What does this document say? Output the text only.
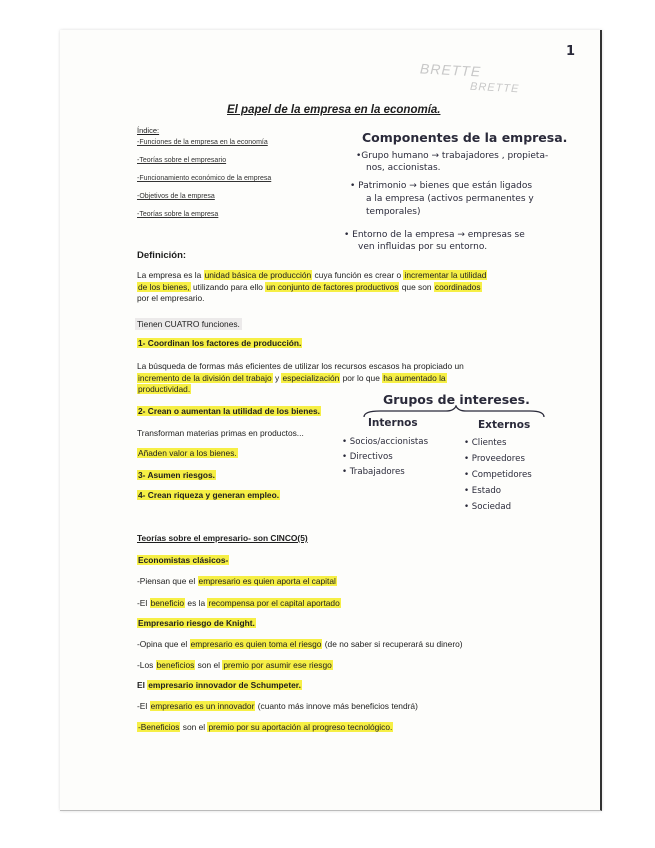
1
BRETTE
BRETTE
El papel de la empresa en la economía.
Índice:
-Funciones de la empresa en la economía
-Teorías sobre el empresario
-Funcionamiento económico de la empresa
-Objetivos de la empresa
-Teorías sobre la empresa
Componentes de la empresa.
•Grupo humano → trabajadores , propieta-
nos, accionistas.
• Patrimonio → bienes que están ligados
a la empresa (activos permanentes y
temporales)
• Entorno de la empresa → empresas se
ven influidas por su entorno.
Definición:
La empresa es la unidad básica de producción cuya función es crear o incrementar la utilidad
de los bienes, utilizando para ello un conjunto de factores productivos que son coordinados
por el empresario.
Tienen CUATRO funciones.
1- Coordinan los factores de producción.
La búsqueda de formas más eficientes de utilizar los recursos escasos ha propiciado un
incremento de la división del trabajo y especialización por lo que ha aumentado la
productividad.
2- Crean o aumentan la utilidad de los bienes.
Transforman materias primas en productos...
Añaden valor a los bienes.
3- Asumen riesgos.
4- Crean riqueza y generan empleo.
Grupos de intereses.
Internos	Externos
• Socios/accionistas
• Directivos
• Trabajadores
• Clientes
• Proveedores
• Competidores
• Estado
• Sociedad
Teorías sobre el empresario- son CINCO(5)
Economistas clásicos-
-Piensan que el empresario es quien aporta el capital
-El beneficio es la recompensa por el capital aportado
Empresario riesgo de Knight.
-Opina que el empresario es quien toma el riesgo (de no saber si recuperará su dinero)
-Los beneficios son el premio por asumir ese riesgo
El empresario innovador de Schumpeter.
-El empresario es un innovador (cuanto más innove más beneficios tendrá)
-Beneficios son el premio por su aportación al progreso tecnológico.
